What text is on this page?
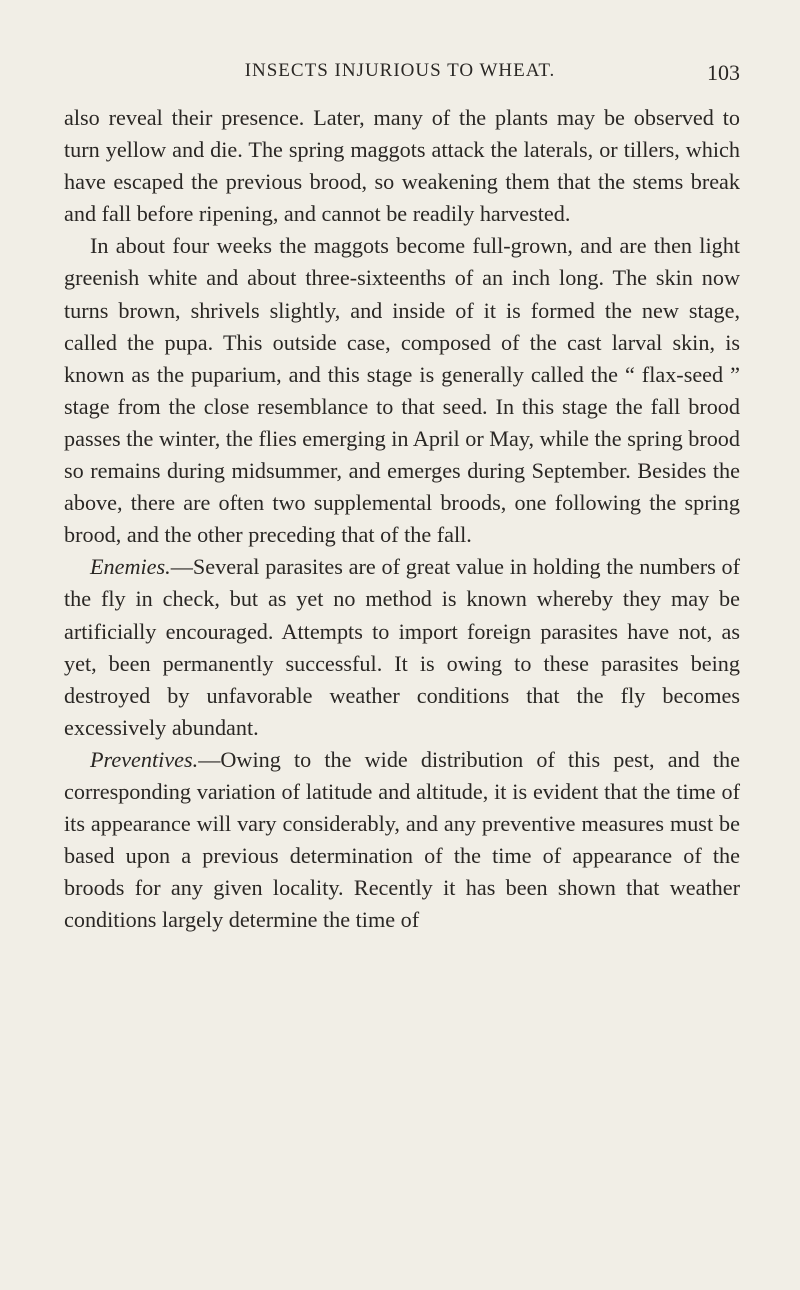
INSECTS INJURIOUS TO WHEAT.	103

also reveal their presence. Later, many of the plants may be observed to turn yellow and die. The spring maggots attack the laterals, or tillers, which have escaped the previous brood, so weakening them that the stems break and fall before ripening, and cannot be readily harvested.

In about four weeks the maggots become full-grown, and are then light greenish white and about three-sixteenths of an inch long. The skin now turns brown, shrivels slightly, and inside of it is formed the new stage, called the pupa. This outside case, composed of the cast larval skin, is known as the puparium, and this stage is generally called the “ flax-seed ” stage from the close resemblance to that seed. In this stage the fall brood passes the winter, the flies emerging in April or May, while the spring brood so remains during midsummer, and emerges during September. Besides the above, there are often two supplemental broods, one following the spring brood, and the other preceding that of the fall.

Enemies.—Several parasites are of great value in holding the numbers of the fly in check, but as yet no method is known whereby they may be artificially encouraged. Attempts to import foreign parasites have not, as yet, been permanently successful. It is owing to these parasites being destroyed by unfavorable weather conditions that the fly becomes excessively abundant.

Preventives.—Owing to the wide distribution of this pest, and the corresponding variation of latitude and altitude, it is evident that the time of its appearance will vary considerably, and any preventive measures must be based upon a previous determination of the time of appearance of the broods for any given locality. Recently it has been shown that weather conditions largely determine the time of
